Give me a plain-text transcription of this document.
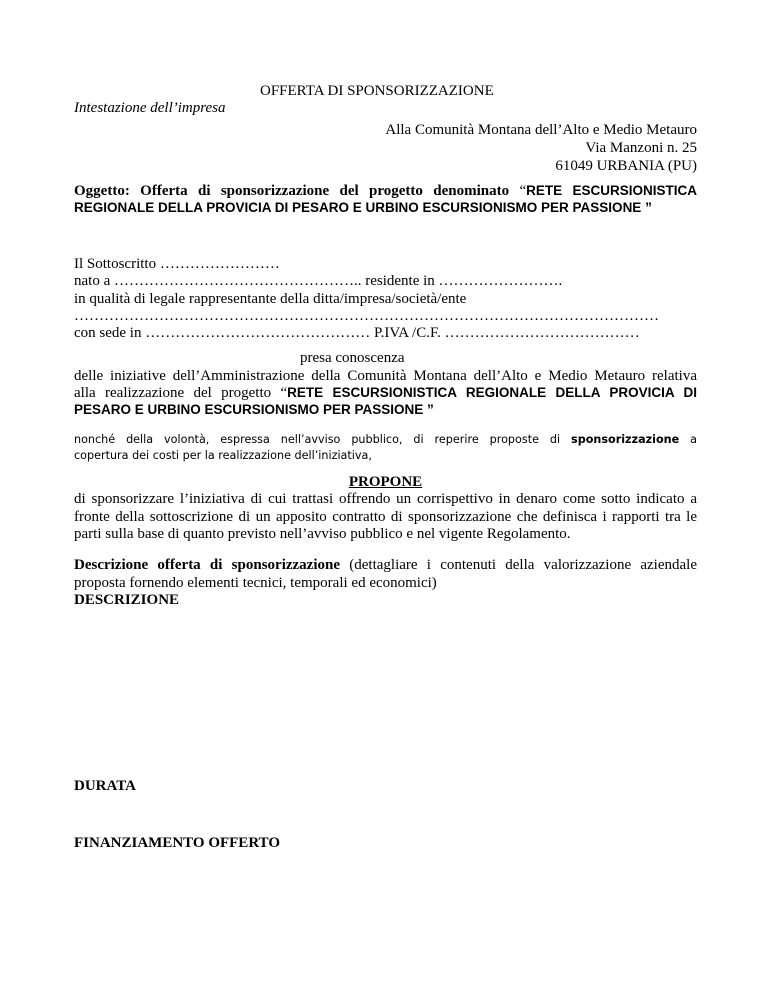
OFFERTA DI SPONSORIZZAZIONE
Intestazione dell’impresa
Alla Comunità Montana dell’Alto e Medio Metauro
Via Manzoni n. 25
61049 URBANIA (PU)
Oggetto: Offerta di sponsorizzazione del progetto denominato “RETE ESCURSIONISTICA
REGIONALE DELLA PROVICIA DI PESARO E URBINO ESCURSIONISMO PER PASSIONE ”
Il Sottoscritto ……………………
nato a ………………………………………….. residente in …………………….
in qualità di legale rappresentante della ditta/impresa/società/ente
………………………………………………………………………………………………………
con sede in ……………………………………… P.IVA /C.F. …………………………………
presa conoscenza
delle iniziative dell’Amministrazione della Comunità Montana dell’Alto e Medio Metauro relativa
alla realizzazione del progetto “RETE ESCURSIONISTICA REGIONALE DELLA PROVICIA DI
PESARO E URBINO ESCURSIONISMO PER PASSIONE ”
nonché della volontà, espressa nell’avviso pubblico, di reperire proposte di sponsorizzazione a
copertura dei costi per la realizzazione dell’iniziativa,
PROPONE
di sponsorizzare l’iniziativa di cui trattasi offrendo un corrispettivo in denaro come sotto indicato a
fronte della sottoscrizione di un apposito contratto di sponsorizzazione che definisca i rapporti tra le
parti sulla base di quanto previsto nell’avviso pubblico e nel vigente Regolamento.
Descrizione offerta di sponsorizzazione (dettagliare i contenuti della valorizzazione aziendale
proposta fornendo elementi tecnici, temporali ed economici)
DESCRIZIONE
DURATA
FINANZIAMENTO OFFERTO
